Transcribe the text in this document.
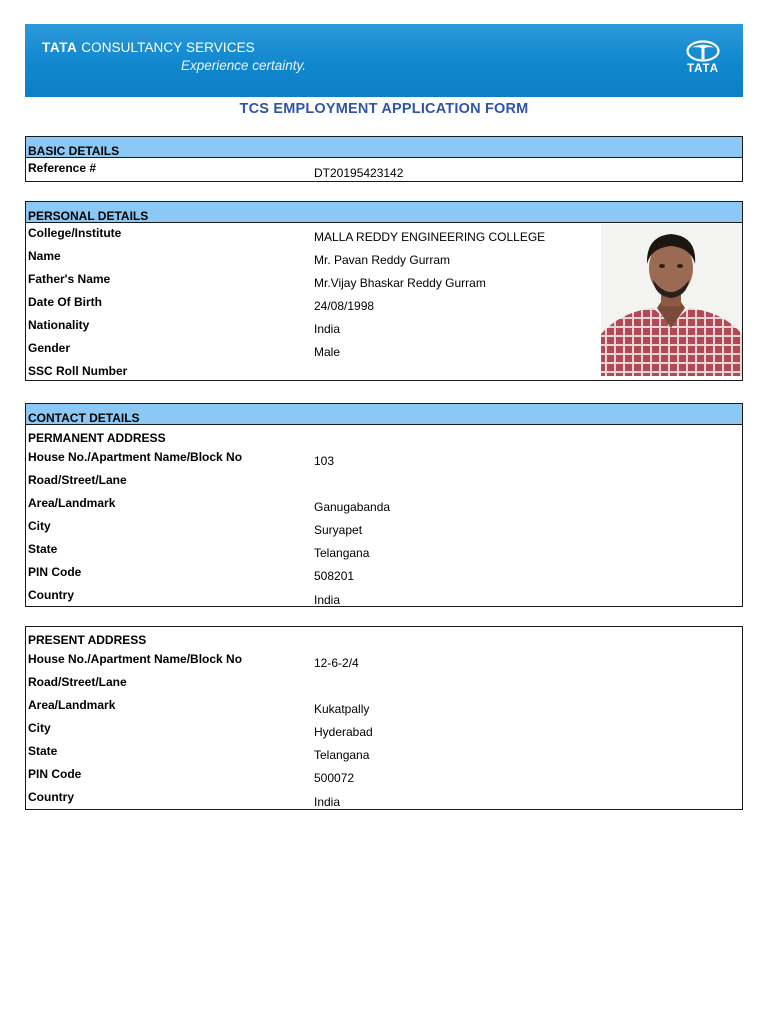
TATA CONSULTANCY SERVICES
Experience certainty.	TATA
TCS EMPLOYMENT APPLICATION FORM
BASIC DETAILS
Reference #	DT20195423142
PERSONAL DETAILS
College/Institute	MALLA REDDY ENGINEERING COLLEGE
Name	Mr. Pavan Reddy Gurram
Father's Name	Mr.Vijay Bhaskar Reddy Gurram
Date Of Birth	24/08/1998
Nationality	India
Gender	Male
SSC Roll Number
CONTACT DETAILS
PERMANENT ADDRESS
House No./Apartment Name/Block No	103
Road/Street/Lane
Area/Landmark	Ganugabanda
City	Suryapet
State	Telangana
PIN Code	508201
Country	India
PRESENT ADDRESS
House No./Apartment Name/Block No	12-6-2/4
Road/Street/Lane
Area/Landmark	Kukatpally
City	Hyderabad
State	Telangana
PIN Code	500072
Country	India
